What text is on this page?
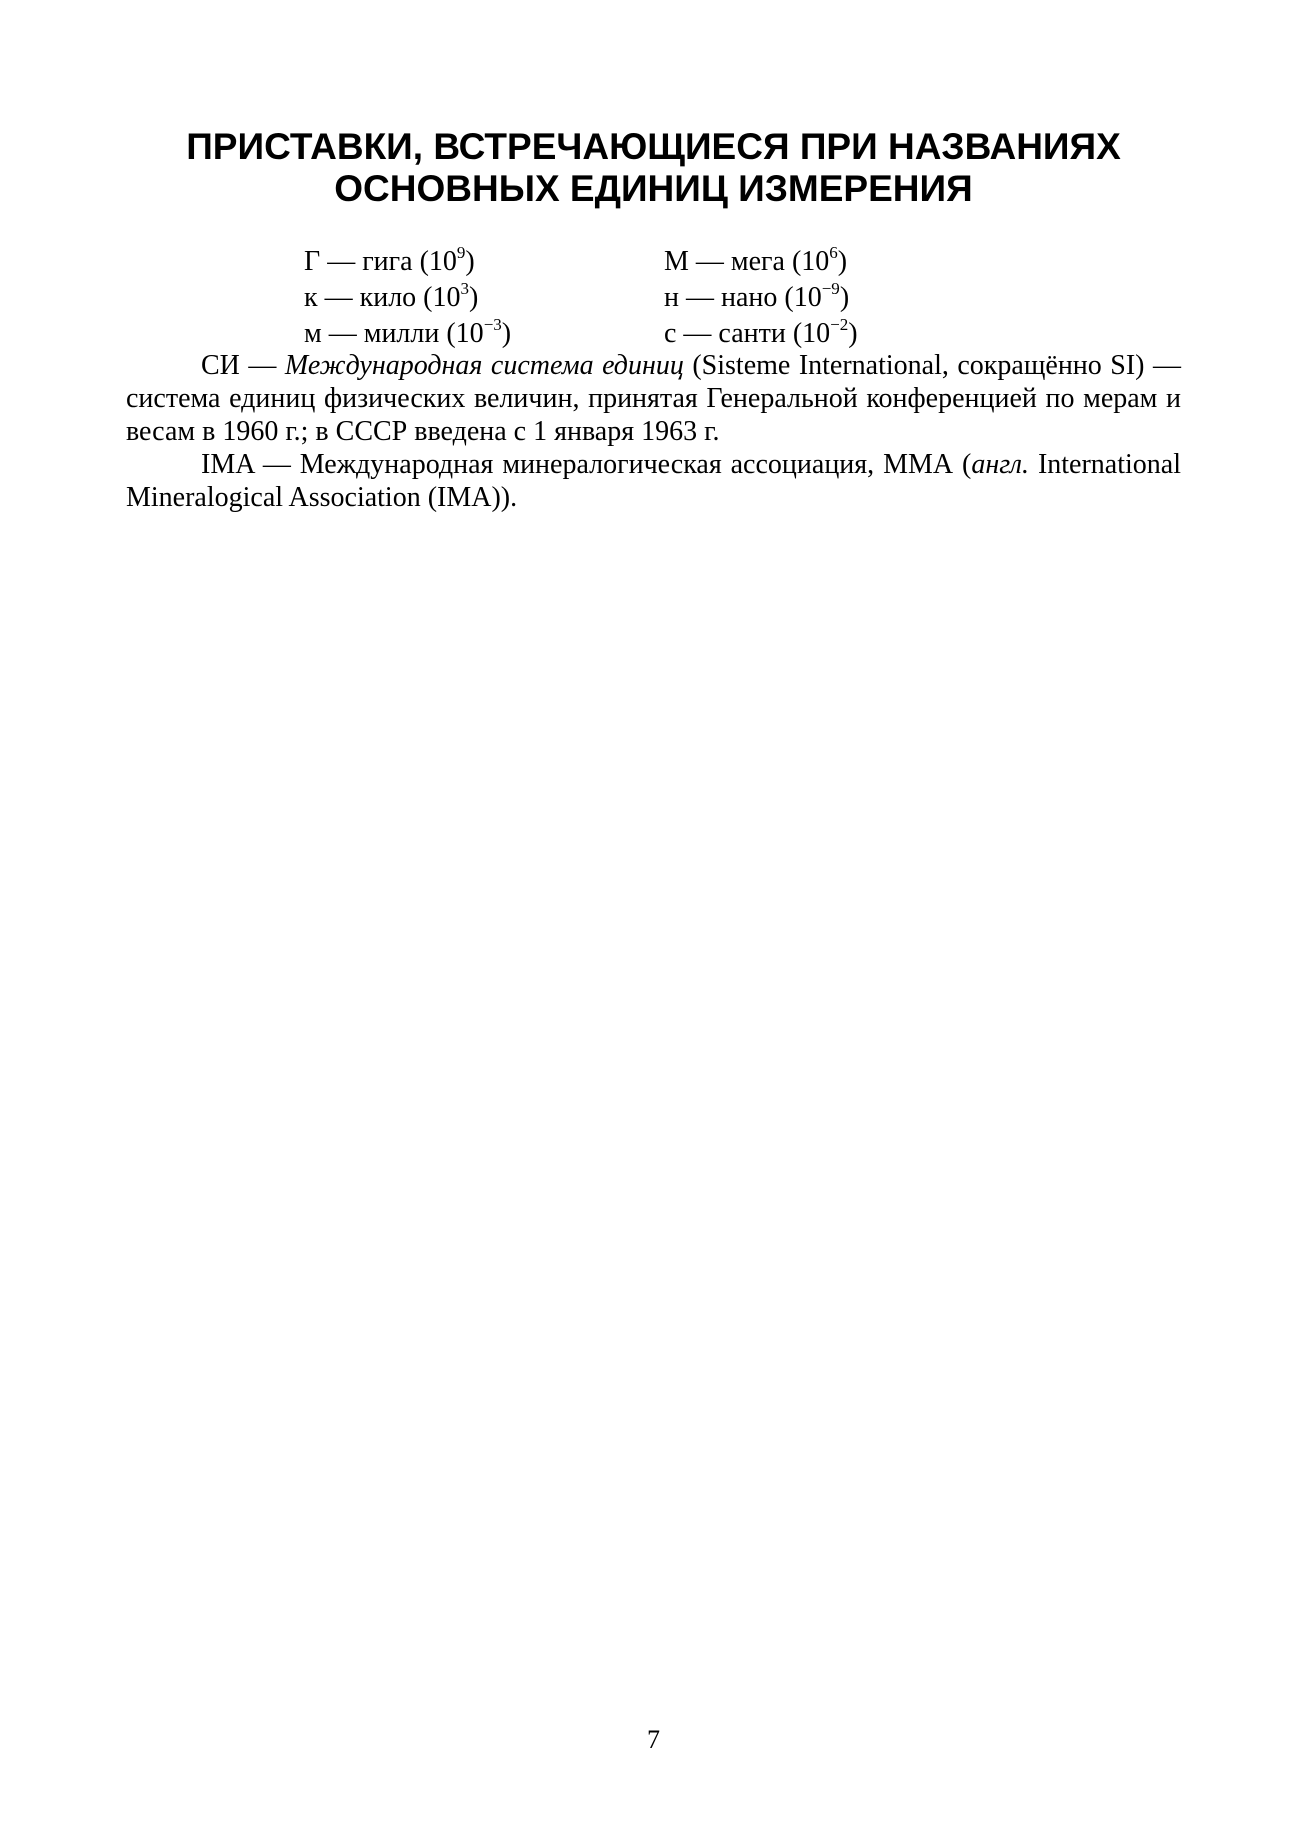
ПРИСТАВКИ, ВСТРЕЧАЮЩИЕСЯ ПРИ НАЗВАНИЯХ
ОСНОВНЫХ ЕДИНИЦ ИЗМЕРЕНИЯ
Г — гига $(10^9)$	М — мега $(10^6)$
к — кило $(10^3)$	н — нано $(10^{-9})$
м — милли $(10^{-3})$	с — санти $(10^{-2})$

СИ — Международная система единиц (Sisteme International, сокращённо SI) — система единиц физических величин, принятая Генеральной конференцией по мерам и весам в 1960 г.; в СССР введена с 1 января 1963 г.

IMA — Международная минералогическая ассоциация, ММА (англ. International Mineralogical Association (IMA)).

7
